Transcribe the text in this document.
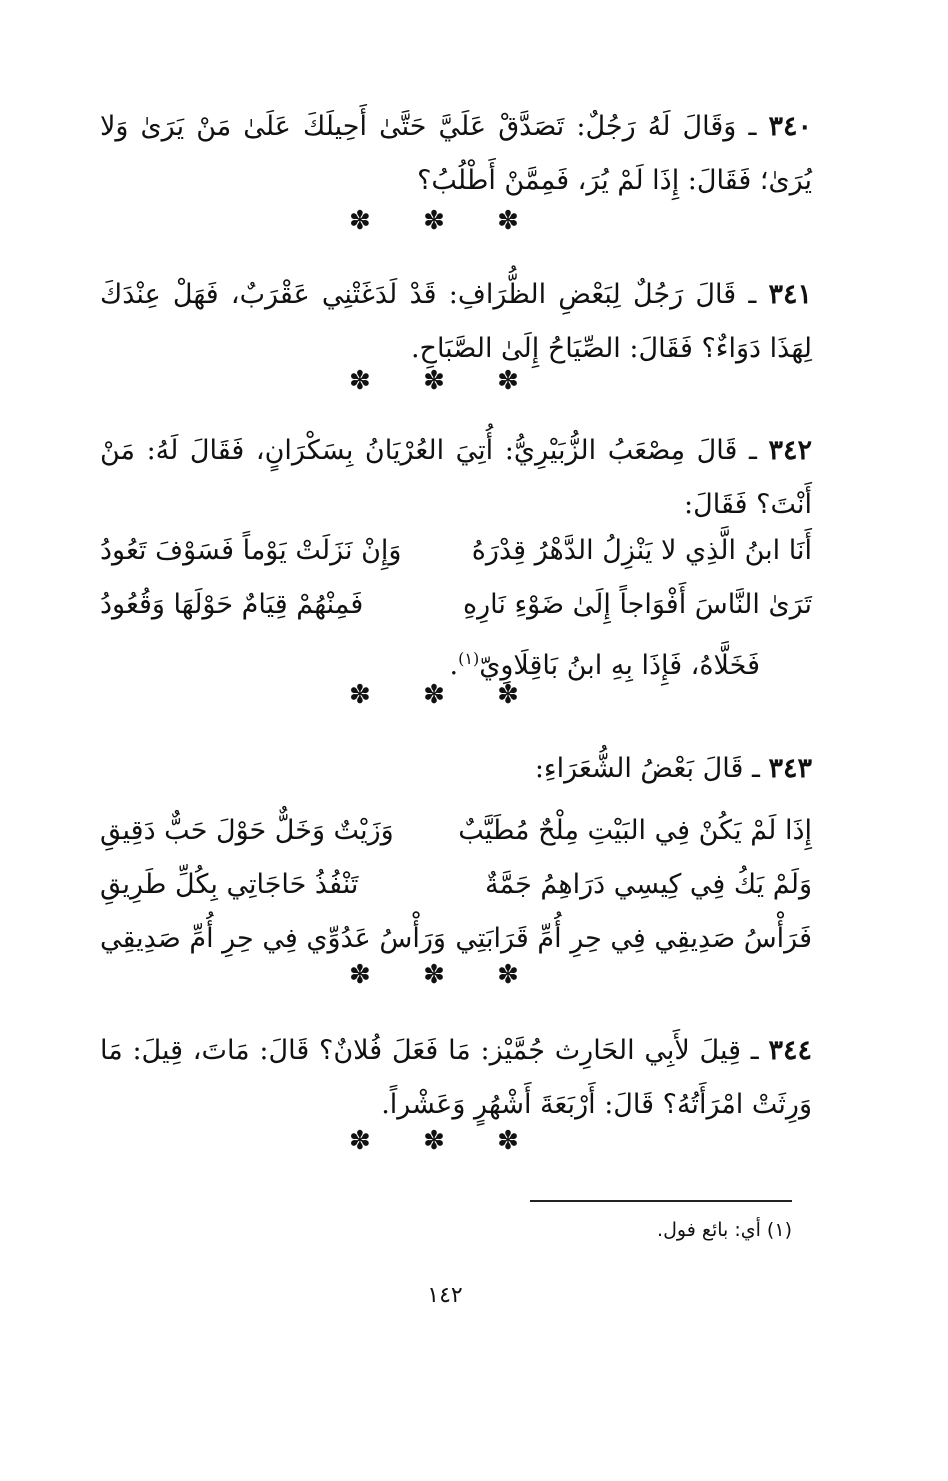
٣٤٠ ـ وَقَالَ لَهُ رَجُلٌ: تَصَدَّقْ عَلَيَّ حَتَّىٰ أَحِيلَكَ عَلَىٰ مَنْ يَرَىٰ وَلا يُرَىٰ؛ فَقَالَ: إِذَا لَمْ يُرَ، فَمِمَّنْ أَطْلُبُ؟
✽ ✽ ✽
٣٤١ ـ قَالَ رَجُلٌ لِبَعْضِ الظُّرَافِ: قَدْ لَدَغَتْنِي عَقْرَبٌ، فَهَلْ عِنْدَكَ لِهَذَا دَوَاءٌ؟ فَقَالَ: الصِّيَاحُ إِلَىٰ الصَّبَاحِ.
✽ ✽ ✽
٣٤٢ ـ قَالَ مِصْعَبُ الزُّبَيْرِيُّ: أُتِيَ العُرْيَانُ بِسَكْرَانٍ، فَقَالَ لَهُ: مَنْ أَنْتَ؟ فَقَالَ:
أَنَا ابنُ الَّذِي لا يَنْزِلُ الدَّهْرُ قِدْرَهُ
وَإِنْ نَزَلَتْ يَوْماً فَسَوْفَ تَعُودُ
تَرَىٰ النَّاسَ أَفْوَاجاً إِلَىٰ ضَوْءِ نَارِهِ
فَمِنْهُمْ قِيَامٌ حَوْلَهَا وَقُعُودُ
فَخَلَّاهُ، فَإِذَا بِهِ ابنُ بَاقِلَاوِيّ$^{(١)}$.
✽ ✽ ✽
٣٤٣ ـ قَالَ بَعْضُ الشُّعَرَاءِ:
إِذَا لَمْ يَكُنْ فِي البَيْتِ مِلْحٌ مُطَيَّبٌ
وَزَيْتٌ وَخَلٌّ حَوْلَ حَبٌّ دَقِيقِ
وَلَمْ يَكُ فِي كِيسِي دَرَاهِمُ جَمَّةٌ
تَنْفُذُ حَاجَاتِي بِكُلِّ طَرِيقِ
فَرَأْسُ صَدِيقِي فِي حِرِ أُمِّ قَرَابَتِي
وَرَأْسُ عَدُوِّي فِي حِرِ أُمِّ صَدِيقِي
✽ ✽ ✽
٣٤٤ ـ قِيلَ لأَبِي الحَارِث جُمَّيْز: مَا فَعَلَ فُلانٌ؟ قَالَ: مَاتَ، قِيلَ: مَا وَرِثَتْ امْرَأَتُهُ؟ قَالَ: أَرْبَعَةَ أَشْهُرٍ وَعَشْراً.
✽ ✽ ✽
(١) أي: بائع فول.
١٤٢
